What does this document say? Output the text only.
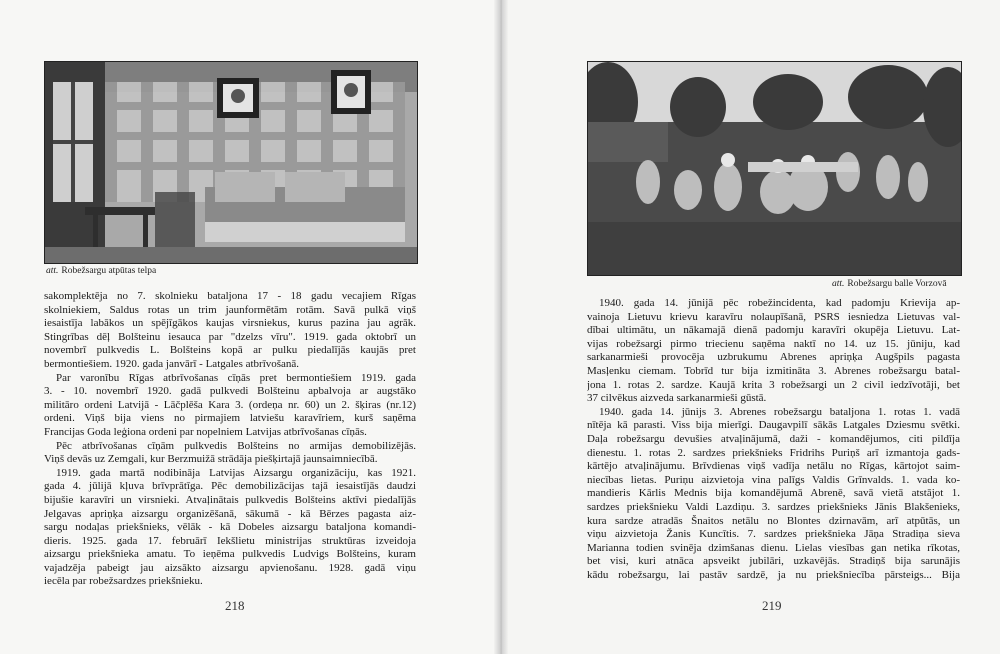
att. Robežsargu atpūtas telpa
sakomplektēja no 7. skolnieku bataljona 17 - 18 gadu vecajiem Rīgas
skolniekiem, Saldus rotas un trim jaunformētām rotām. Savā pulkā viņš
iesaistīja labākos un spējīgākos kaujas virsniekus, kurus pazina jau agrāk.
Stingrības dēļ Bolšteinu iesauca par "dzelzs vīru". 1919. gada oktobrī un
novembrī pulkvedis L. Bolšteins kopā ar pulku piedalījās kaujās pret
bermontiešiem. 1920. gada janvārī - Latgales atbrīvošanā.
Par varonību Rīgas atbrīvošanas cīņās pret bermontiešiem 1919. gada
3. - 10. novembrī 1920. gadā pulkvedi Bolšteinu apbalvoja ar augstāko
militāro ordeni Latvijā - Lāčplēša Kara 3. (ordeņa nr. 60) un 2. šķiras (nr.12)
ordeni. Viņš bija viens no pirmajiem latviešu karavīriem, kurš saņēma
Francijas Goda leģiona ordeni par nopelniem Latvijas atbrīvošanas cīņās.
Pēc atbrīvošanas cīņām pulkvedis Bolšteins no armijas demobilizējās.
Viņš devās uz Zemgali, kur Berzmuižā strādāja piešķirtajā jaunsaimniecībā.
1919. gada martā nodibināja Latvijas Aizsargu organizāciju, kas 1921.
gada 4. jūlijā kļuva brīvprātīga. Pēc demobilizācijas tajā iesaistījās daudzi
bijušie karavīri un virsnieki. Atvaļinātais pulkvedis Bolšteins aktīvi piedalījās
Jelgavas apriņķa aizsargu organizēšanā, sākumā - kā Bērzes pagasta aiz-
sargu nodaļas priekšnieks, vēlāk - kā Dobeles aizsargu bataljona komandi-
dieris. 1925. gada 17. februārī Iekšlietu ministrijas struktūras izveidoja
aizsargu priekšnieka amatu. To ieņēma pulkvedis Ludvigs Bolšteins, kuram
vajadzēja pabeigt jau aizsākto aizsargu apvienošanu. 1928. gadā viņu
iecēla par robežsardzes priekšnieku.
218
att. Robežsargu balle Vorzovā
1940. gada 14. jūnijā pēc robežincidenta, kad padomju Krievija ap-
vainoja Lietuvu krievu karavīru nolaupīšanā, PSRS iesniedza Lietuvas val-
dībai ultimātu, un nākamajā dienā padomju karavīri okupēja Lietuvu. Lat-
vijas robežsargi pirmo triecienu saņēma naktī no 14. uz 15. jūniju, kad
sarkanarmieši provocēja uzbrukumu Abrenes apriņķa Augšpils pagasta
Masļenku ciemam. Tobrīd tur bija izmitināta 3. Abrenes robežsargu batal-
jona 1. rotas 2. sardze. Kaujā krita 3 robežsargi un 2 civil iedzīvotāji, bet
37 cilvēkus aizveda sarkanarmieši gūstā.
1940. gada 14. jūnijs 3. Abrenes robežsargu bataljona 1. rotas 1. vadā
nītēja kā parasti. Viss bija mierīgi. Daugavpilī sākās Latgales Dziesmu svētki.
Daļa robežsargu devušies atvaļinājumā, daži - komandējumos, citi pildīja
dienestu. 1. rotas 2. sardzes priekšnieks Fridrihs Puriņš arī izmantoja gads-
kārtējo atvaļinājumu. Brīvdienas viņš vadīja netālu no Rīgas, kārtojot saim-
niecības lietas. Puriņu aizvietoja vina palīgs Valdis Grīnvalds. 1. vada ko-
mandieris Kārlis Mednis bija komandējumā Abrenē, savā vietā atstājot 1.
sardzes priekšnieku Valdi Lazdiņu. 3. sardzes priekšnieks Jānis Blakšenieks,
kura sardze atradās Šnaitos netālu no Blontes dzirnavām, arī atpūtās, un
viņu aizvietoja Žanis Kuncītis. 7. sardzes priekšnieka Jāņa Stradiņa sieva
Marianna todien svinēja dzimšanas dienu. Lielas viesības gan netika rīkotas,
bet visi, kuri atnāca apsveikt jubilāri, uzkavējās. Stradiņš bija sarunājis
kādu robežsargu, lai pastāv sardzē, ja nu priekšniecība pārsteigs... Bija
219
